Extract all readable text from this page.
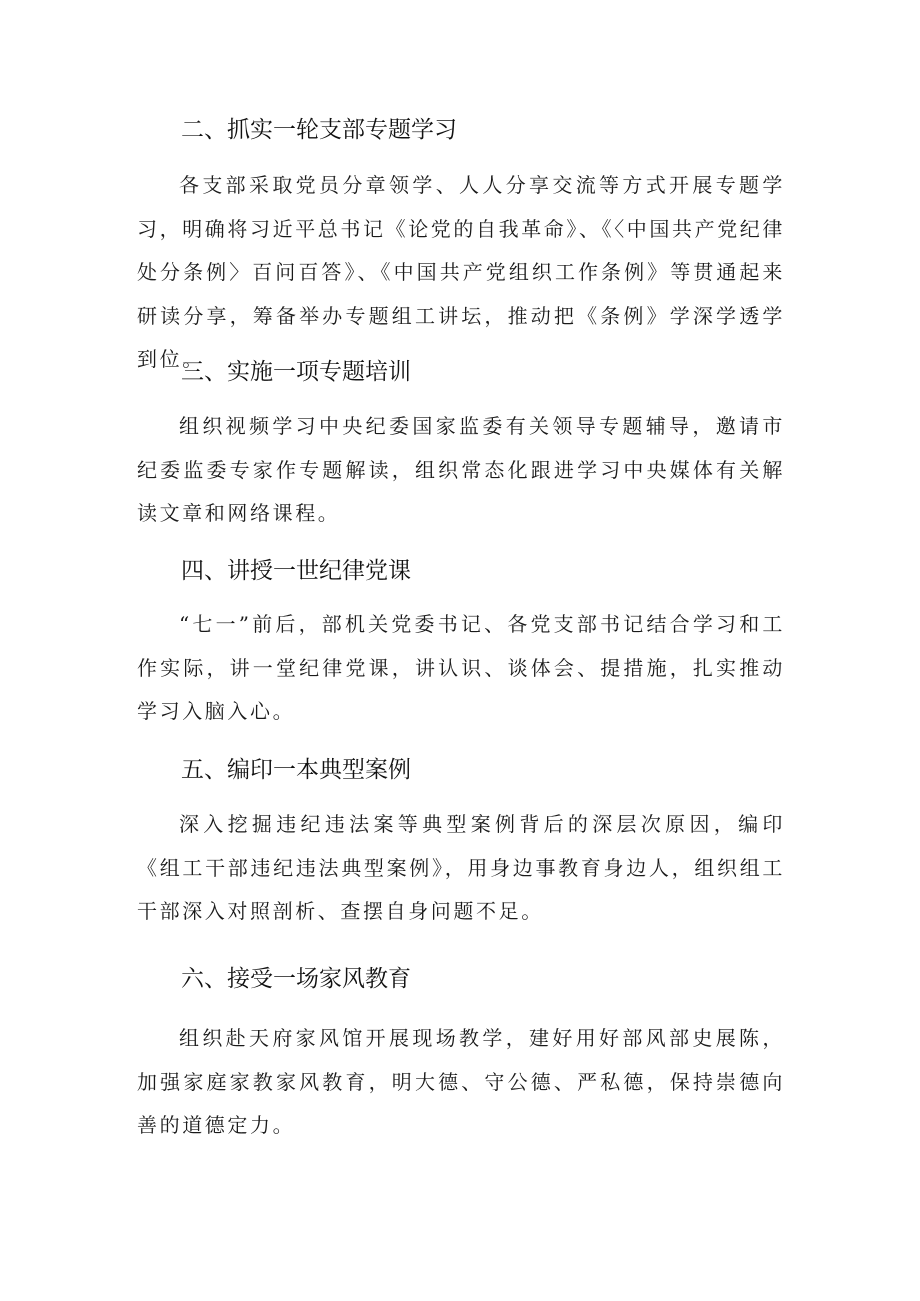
二、抓实一轮支部专题学习

各支部采取党员分章领学、人人分享交流等方式开展专题学习，明确将习近平总书记《论党的自我革命》、《〈中国共产党纪律处分条例〉百问百答》、《中国共产党组织工作条例》等贯通起来研读分享，筹备举办专题组工讲坛，推动把《条例》学深学透学到位。

三、实施一项专题培训

组织视频学习中央纪委国家监委有关领导专题辅导，邀请市纪委监委专家作专题解读，组织常态化跟进学习中央媒体有关解读文章和网络课程。

四、讲授一世纪律党课

“七一”前后，部机关党委书记、各党支部书记结合学习和工作实际，讲一堂纪律党课，讲认识、谈体会、提措施，扎实推动学习入脑入心。

五、编印一本典型案例

深入挖掘违纪违法案等典型案例背后的深层次原因，编印《组工干部违纪违法典型案例》，用身边事教育身边人，组织组工干部深入对照剖析、查摆自身问题不足。

六、接受一场家风教育

组织赴天府家风馆开展现场教学，建好用好部风部史展陈，加强家庭家教家风教育，明大德、守公德、严私德，保持崇德向善的道德定力。
